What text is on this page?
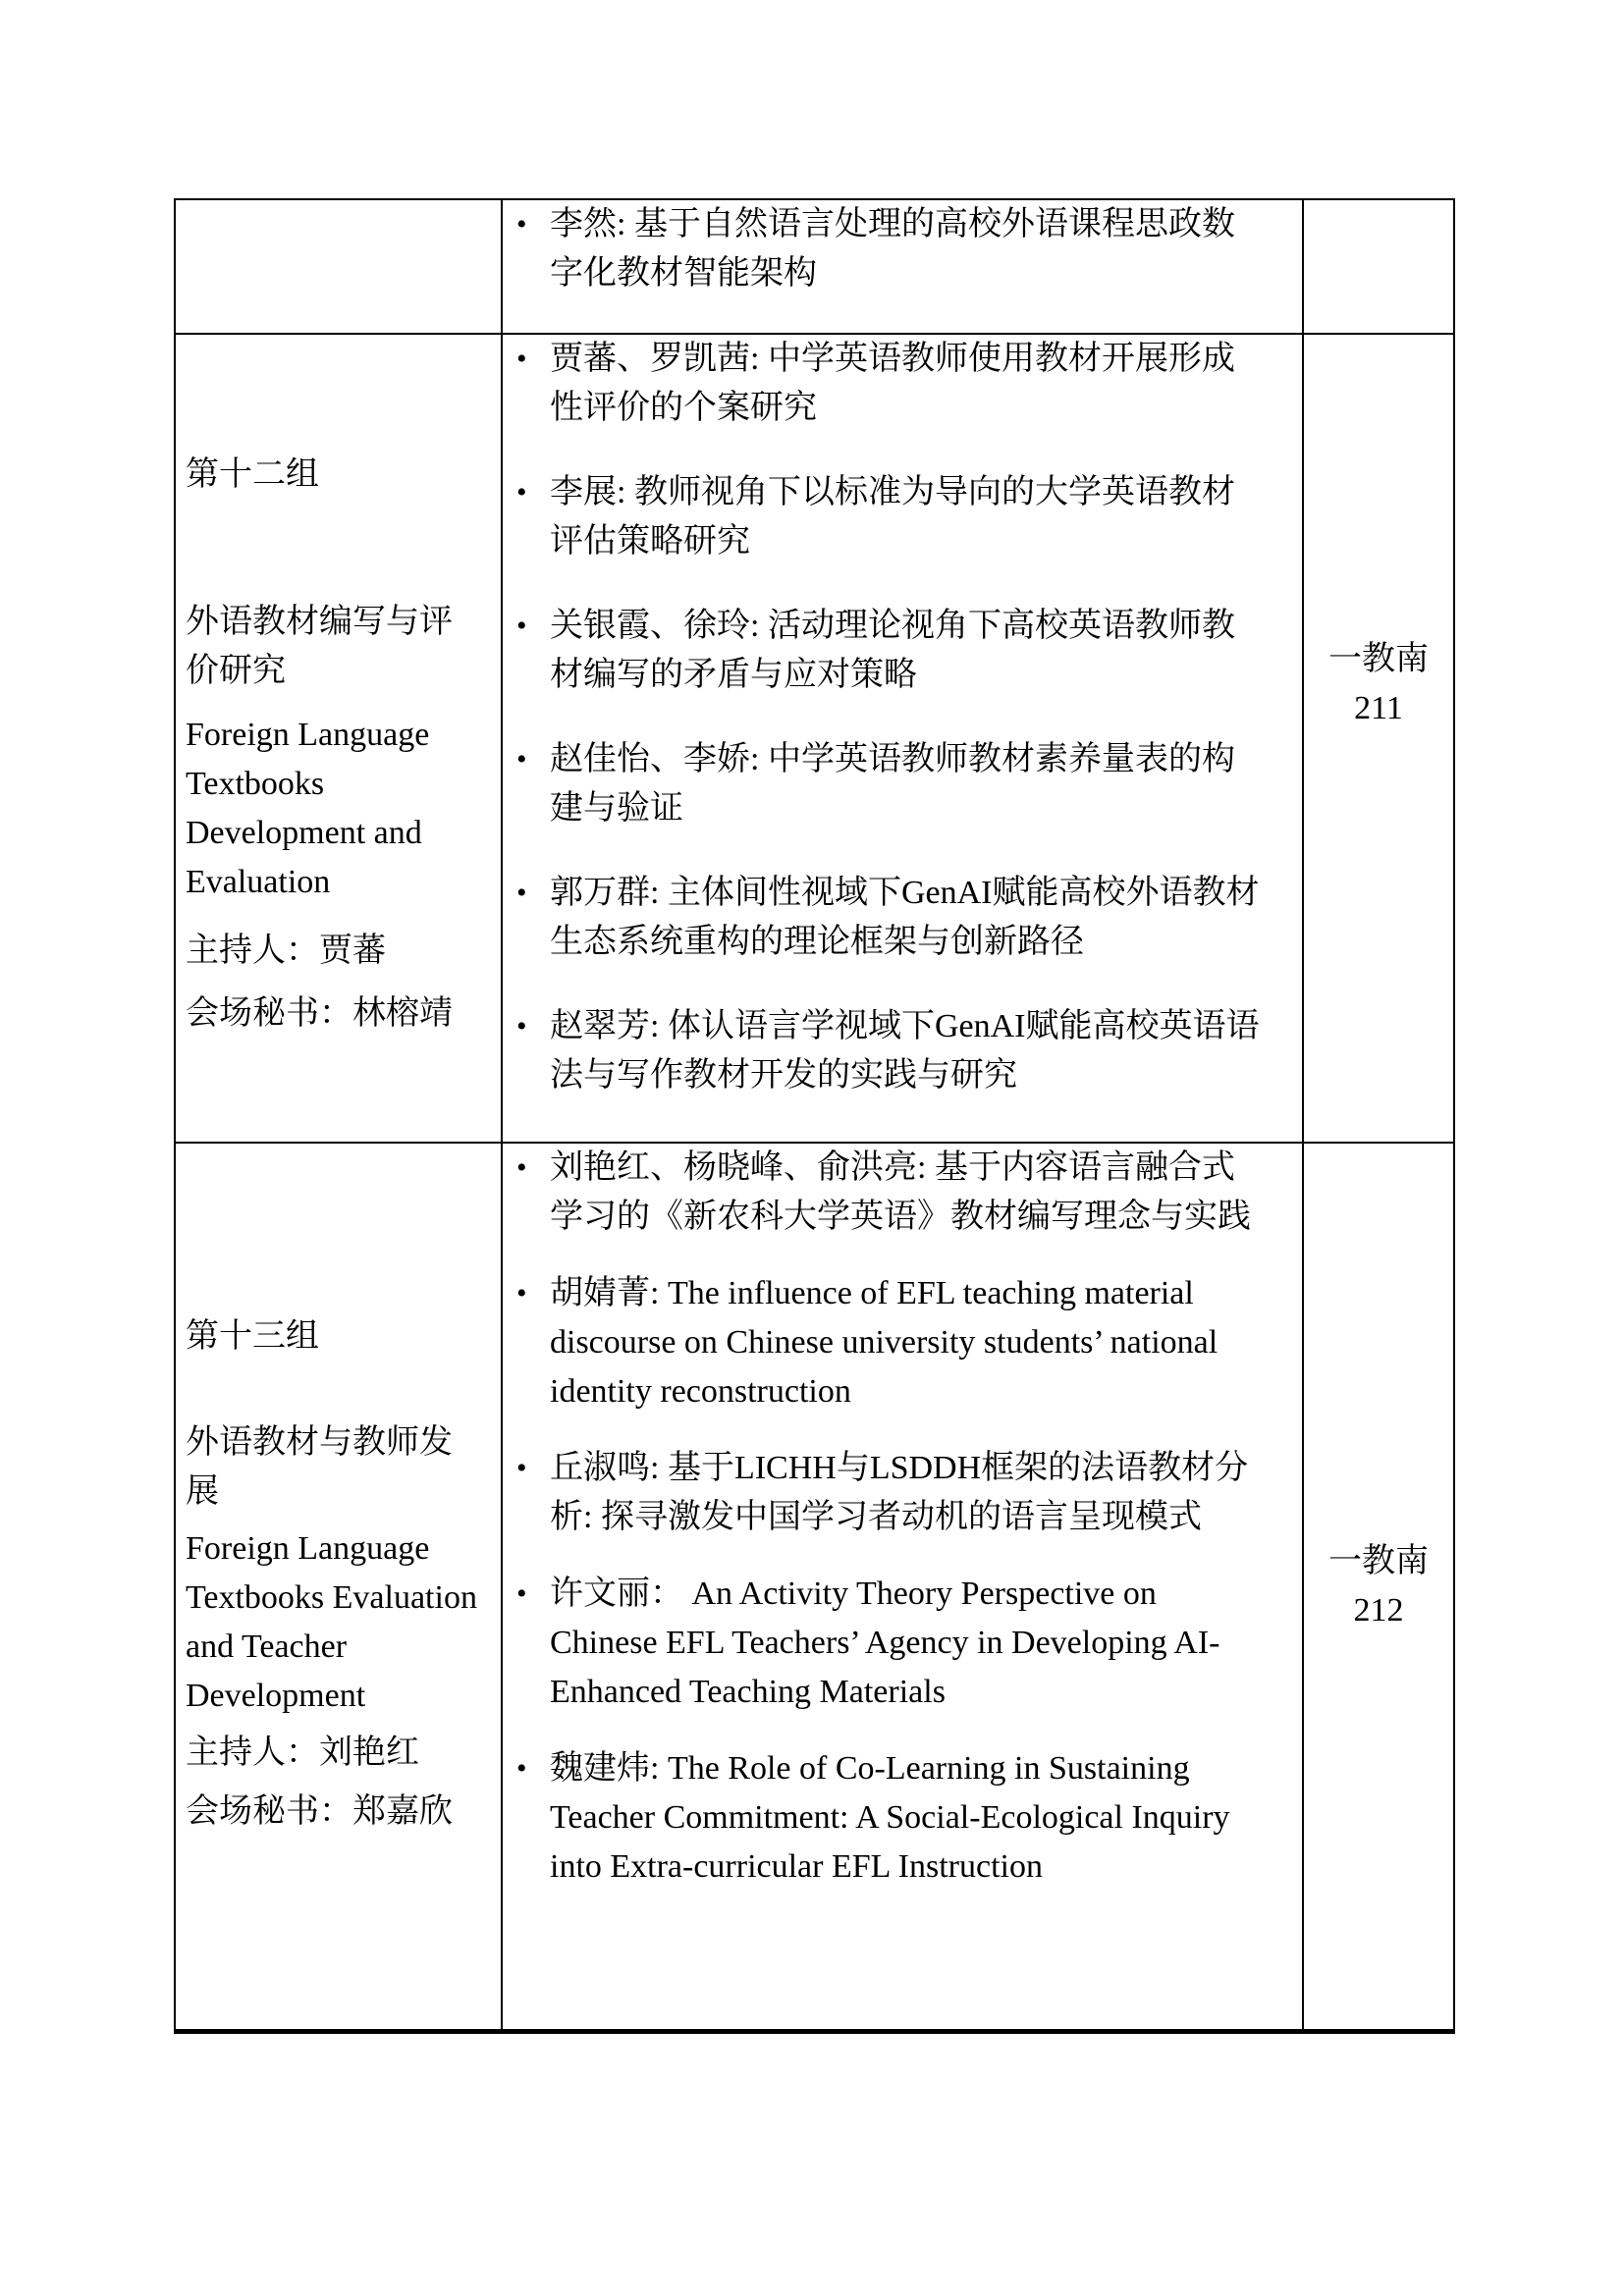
• 李然: 基于自然语言处理的高校外语课程思政数字化教材智能架构
第十二组
外语教材编写与评价研究
Foreign Language Textbooks Development and Evaluation
主持人：贾蕃
会场秘书：林榕靖
• 贾蕃、罗凯茜: 中学英语教师使用教材开展形成性评价的个案研究
• 李展: 教师视角下以标准为导向的大学英语教材评估策略研究
• 关银霞、徐玲: 活动理论视角下高校英语教师教材编写的矛盾与应对策略
• 赵佳怡、李娇: 中学英语教师教材素养量表的构建与验证
• 郭万群: 主体间性视域下GenAI赋能高校外语教材生态系统重构的理论框架与创新路径
• 赵翠芳: 体认语言学视域下GenAI赋能高校英语语法与写作教材开发的实践与研究
一教南
211
第十三组
外语教材与教师发展
Foreign Language Textbooks Evaluation and Teacher Development
主持人：刘艳红
会场秘书：郑嘉欣
• 刘艳红、杨晓峰、俞洪亮: 基于内容语言融合式学习的《新农科大学英语》教材编写理念与实践
• 胡婧菁: The influence of EFL teaching material discourse on Chinese university students’ national identity reconstruction
• 丘淑鸣: 基于LICHH与LSDDH框架的法语教材分析: 探寻激发中国学习者动机的语言呈现模式
• 许文丽： An Activity Theory Perspective on Chinese EFL Teachers’ Agency in Developing AI-Enhanced Teaching Materials
• 魏建炜: The Role of Co-Learning in Sustaining Teacher Commitment: A Social-Ecological Inquiry into Extra-curricular EFL Instruction
一教南
212
